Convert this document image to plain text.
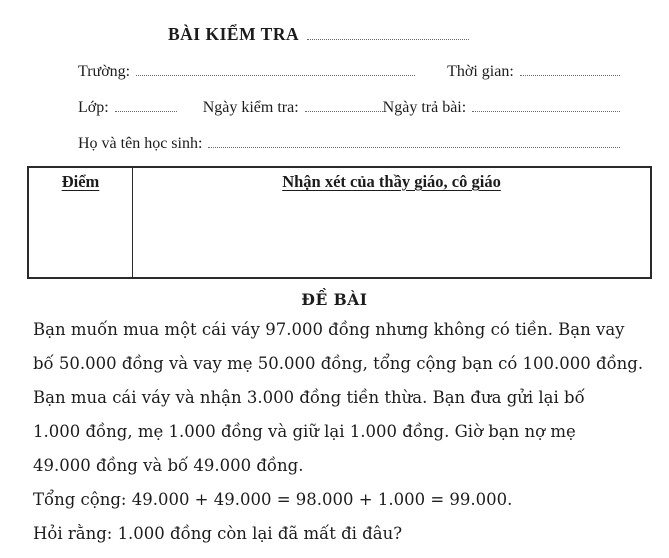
BÀI KIỂM TRA
Trường:	Thời gian:
Lớp:	Ngày kiểm tra:	Ngày trả bài:
Họ và tên học sinh:
Điểm	Nhận xét của thầy giáo, cô giáo
ĐỀ BÀI
Bạn muốn mua một cái váy 97.000 đồng nhưng không có tiền. Bạn vay
bố 50.000 đồng và vay mẹ 50.000 đồng, tổng cộng bạn có 100.000 đồng.
Bạn mua cái váy và nhận 3.000 đồng tiền thừa. Bạn đưa gửi lại bố
1.000 đồng, mẹ 1.000 đồng và giữ lại 1.000 đồng. Giờ bạn nợ mẹ
49.000 đồng và bố 49.000 đồng.
Tổng cộng: 49.000 + 49.000 = 98.000 + 1.000 = 99.000.
Hỏi rằng: 1.000 đồng còn lại đã mất đi đâu?
